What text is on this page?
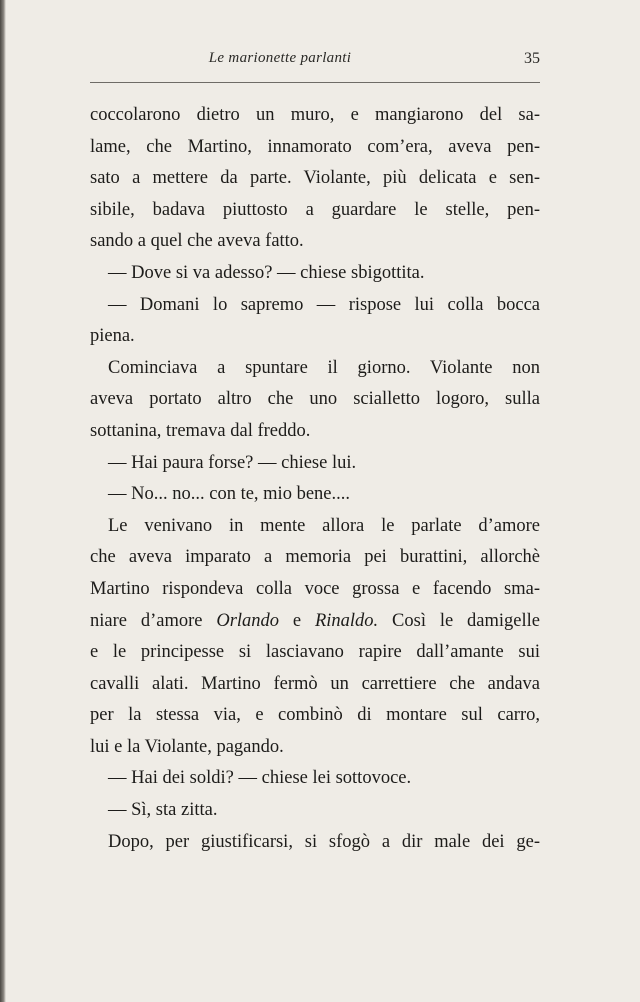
Le marionette parlanti	35
coccolarono dietro un muro, e mangiarono del sa-
lame, che Martino, innamorato com’era, aveva pen-
sato a mettere da parte. Violante, più delicata e sen-
sibile, badava piuttosto a guardare le stelle, pen-
sando a quel che aveva fatto.
— Dove si va adesso? — chiese sbigottita.
— Domani lo sapremo — rispose lui colla bocca
piena.
Cominciava a spuntare il giorno. Violante non
aveva portato altro che uno scialletto logoro, sulla
sottanina, tremava dal freddo.
— Hai paura forse? — chiese lui.
— No... no... con te, mio bene....
Le venivano in mente allora le parlate d’amore
che aveva imparato a memoria pei burattini, allorchè
Martino rispondeva colla voce grossa e facendo sma-
niare d’amore Orlando e Rinaldo. Così le damigelle
e le principesse si lasciavano rapire dall’amante sui
cavalli alati. Martino fermò un carrettiere che andava
per la stessa via, e combinò di montare sul carro,
lui e la Violante, pagando.
— Hai dei soldi? — chiese lei sottovoce.
— Sì, sta zitta.
Dopo, per giustificarsi, si sfogò a dir male dei ge-
